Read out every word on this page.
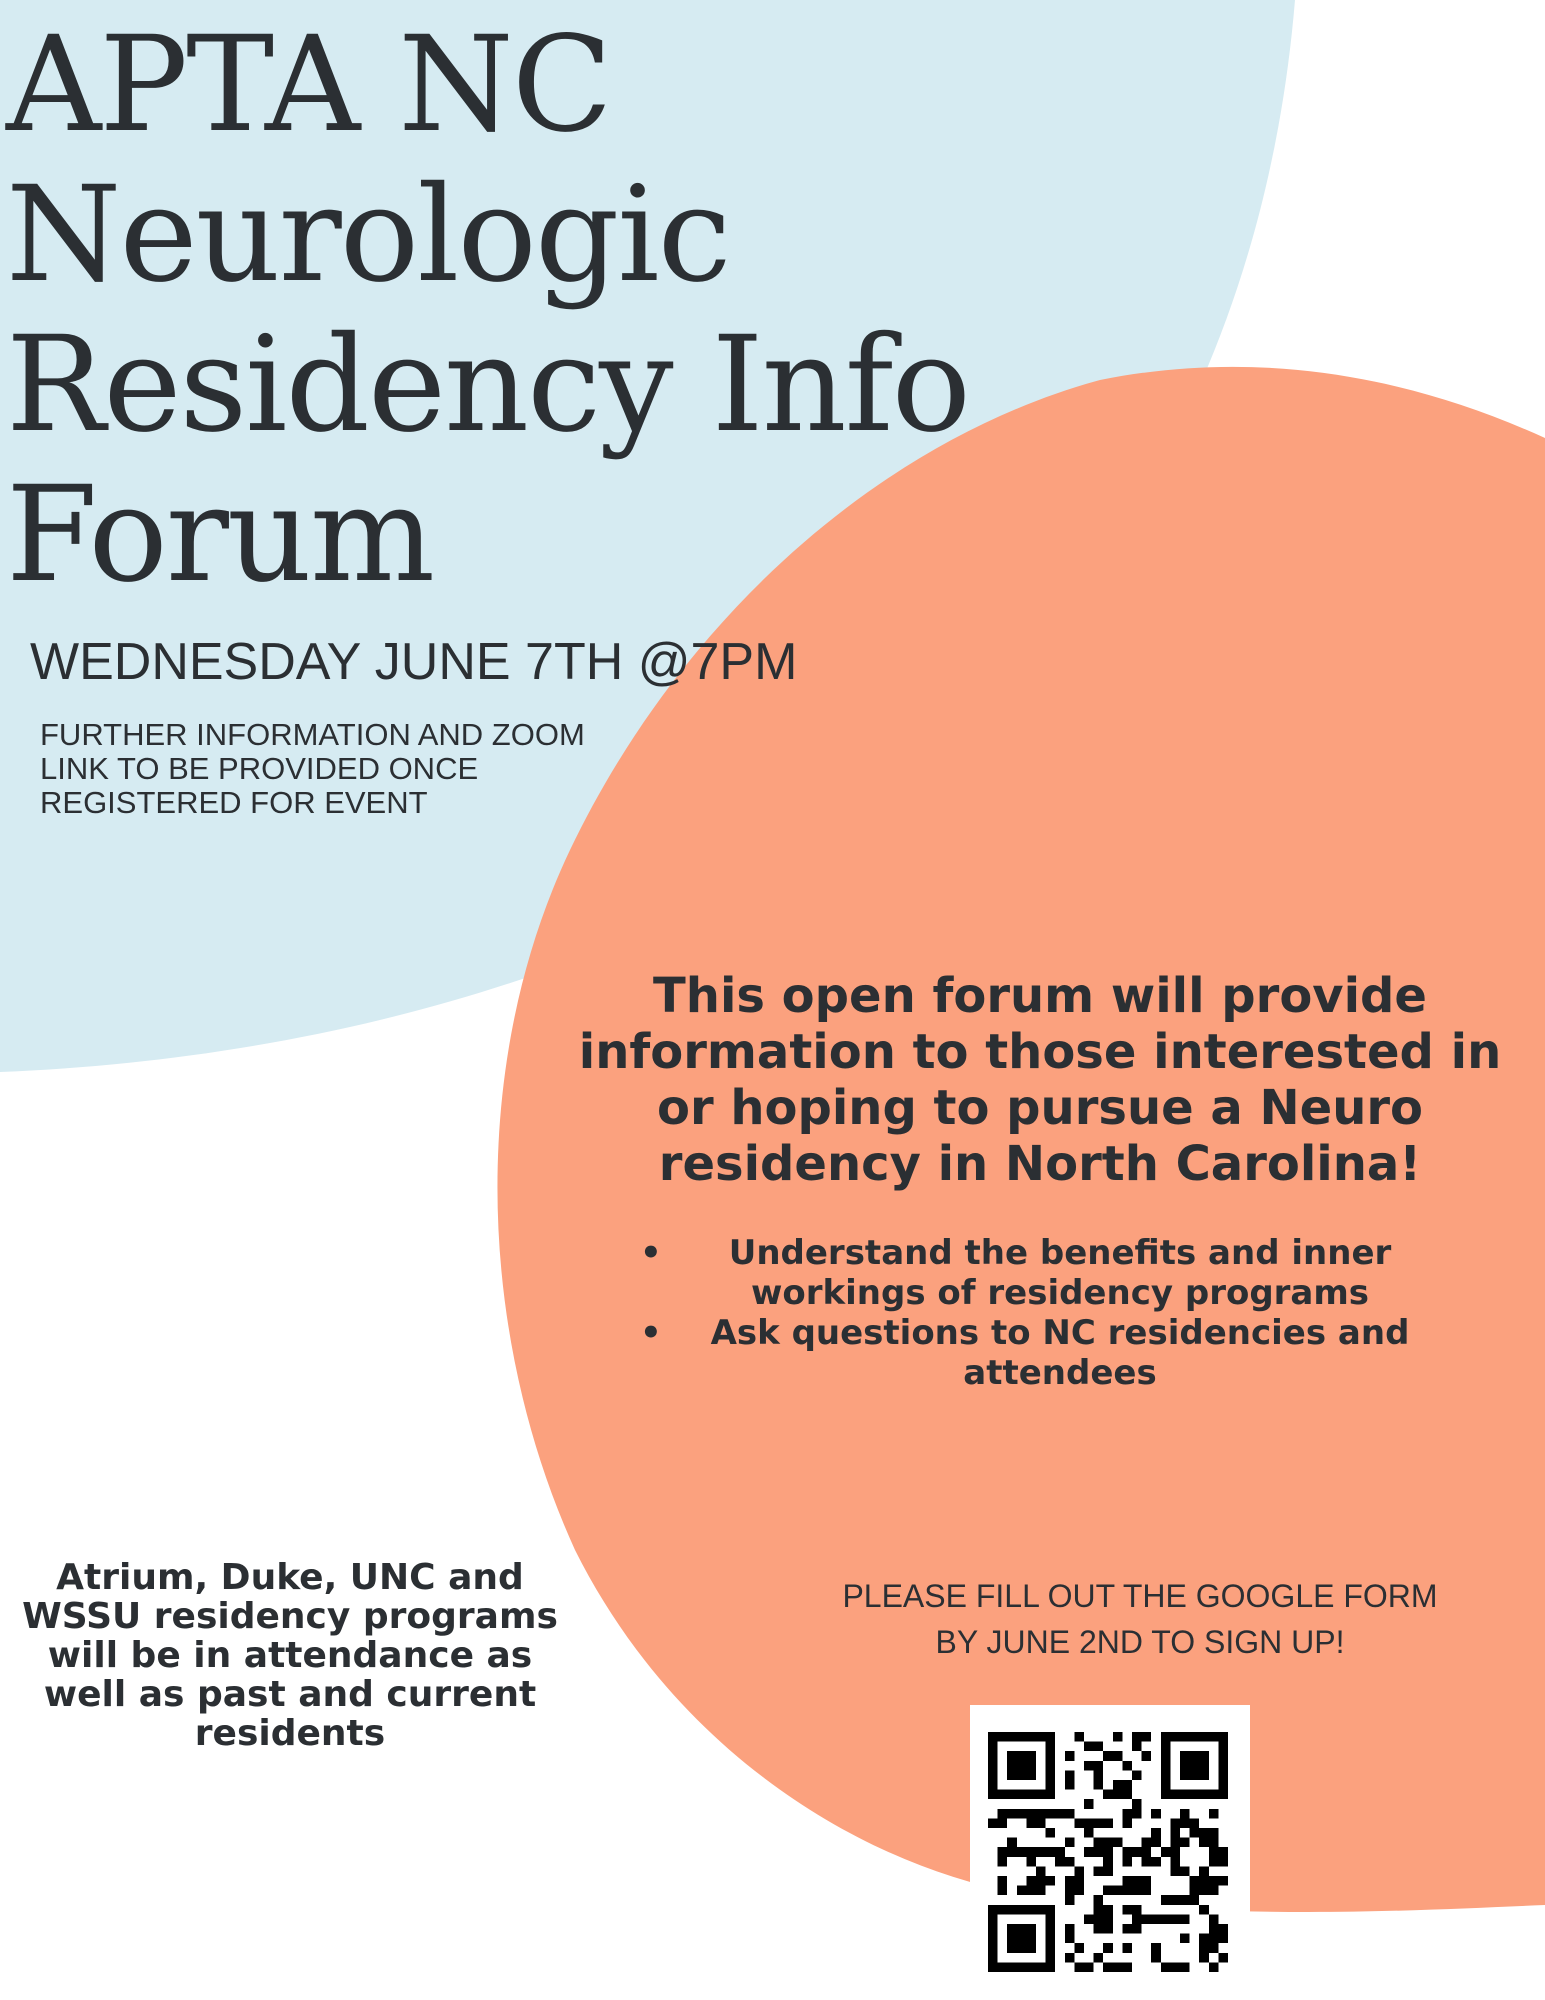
APTA NC
Neurologic
Residency Info
Forum
WEDNESDAY JUNE 7TH @7PM
FURTHER INFORMATION AND ZOOM
LINK TO BE PROVIDED ONCE
REGISTERED FOR EVENT
This open forum will provide
information to those interested in
or hoping to pursue a Neuro
residency in North Carolina!
•	Understand the benefits and inner
workings of residency programs
•	Ask questions to NC residencies and
attendees
Atrium, Duke, UNC and
WSSU residency programs
will be in attendance as
well as past and current
residents
PLEASE FILL OUT THE GOOGLE FORM
BY JUNE 2ND TO SIGN UP!
